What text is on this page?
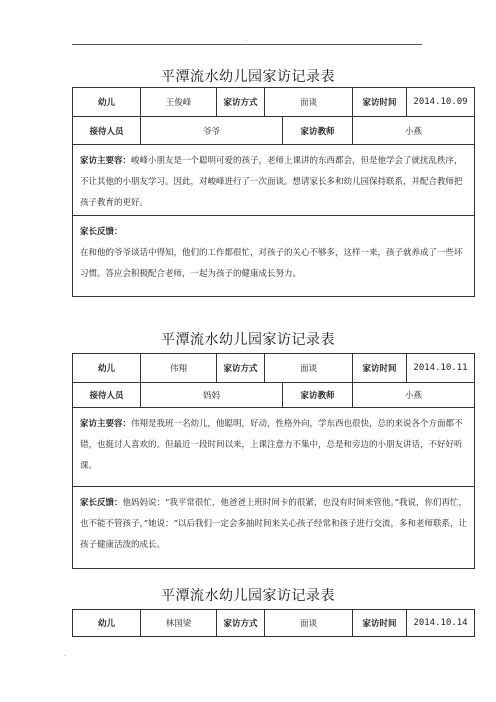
.
平潭流水幼儿园家访记录表
幼儿	王俊峰	家访方式	面谈	家访时间	2014.10.09
接待人员	爷爷	家访教师	小燕
家访主要容：峻峰小朋友是一个聪明可爱的孩子，老师上课讲的东西都会，但是他学会了就扰乱秩序，不让其他的小朋友学习。因此，对峻峰进行了一次面谈。想请家长多和幼儿园保持联系，并配合教师把孩子教育的更好。
家长反馈：
在和他的爷爷谈话中得知，他们的工作都很忙，对孩子的关心不够多，这样一来，孩子就养成了一些坏习惯。答应会积极配合老师，一起为孩子的健康成长努力。
平潭流水幼儿园家访记录表
幼儿	伟翔	家访方式	面谈	家访时间	2014.10.11
接待人员	妈妈	家访教师	小燕
家访主要容：伟翔是我班一名幼儿，他聪明，好动，性格外向，学东西也很快，总的来说各个方面都不错，也挺讨人喜欢的。但最近一段时间以来，上课注意力不集中，总是和旁边的小朋友讲话，不好好听课。
家长反馈：他妈妈说：“我平常很忙，他爸爸上班时间卡的很紧，也没有时间来管他。”我说，你们再忙，也不能不管孩子，”她说：“以后我们一定会多抽时间来关心孩子经常和孩子进行交流，多和老师联系，让孩子健康活泼的成长。
平潭流水幼儿园家访记录表
幼儿	林国梁	家访方式	面谈	家访时间	2014.10.14
.
